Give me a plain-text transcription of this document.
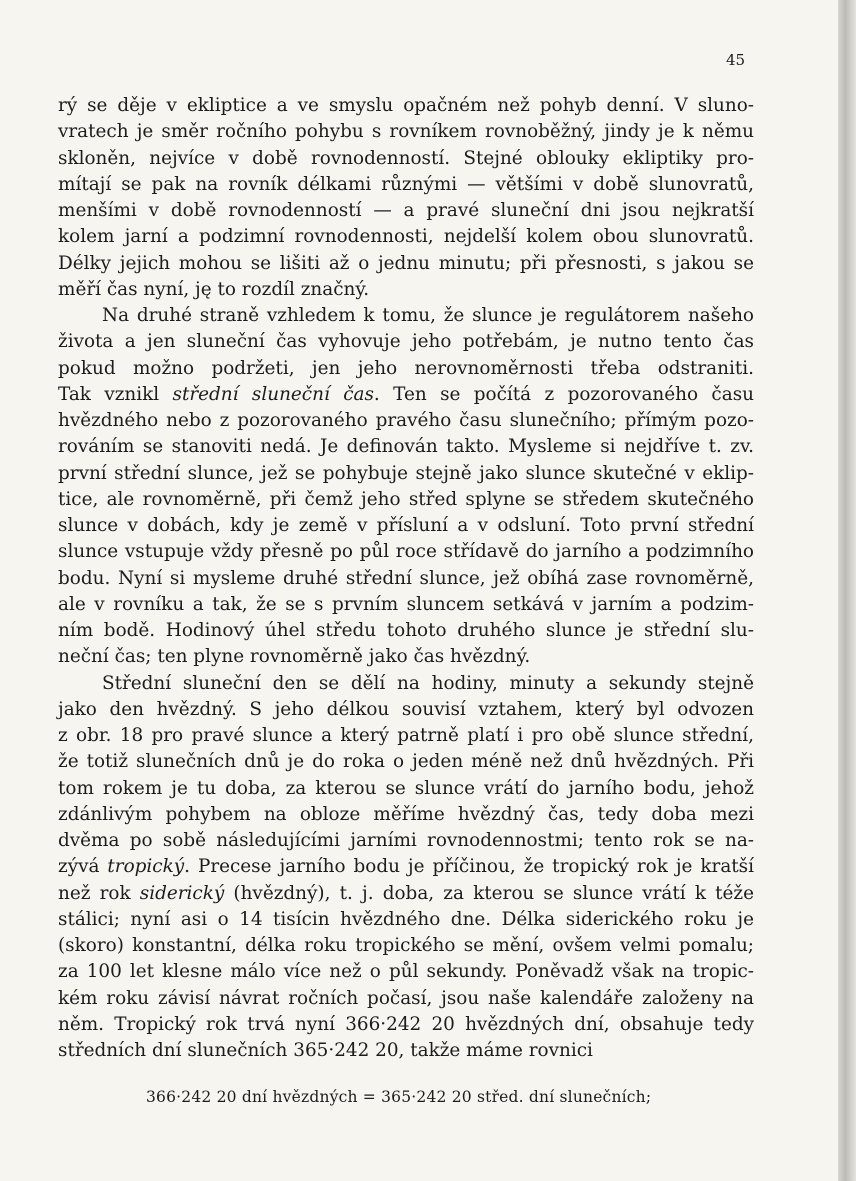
45
rý se děje v ekliptice a ve smyslu opačném než pohyb denní. V sluno-
vratech je směr ročního pohybu s rovníkem rovnoběžný, jindy je k němu
skloněn, nejvíce v době rovnodenností. Stejné oblouky ekliptiky pro-
mítají se pak na rovník délkami různými — většími v době slunovratů,
menšími v době rovnodenností — a pravé sluneční dni jsou nejkratší
kolem jarní a podzimní rovnodennosti, nejdelší kolem obou slunovratů.
Délky jejich mohou se lišiti až o jednu minutu; při přesnosti, s jakou se
měří čas nyní, ję to rozdíl značný.
Na druhé straně vzhledem k tomu, že slunce je regulátorem našeho
života a jen sluneční čas vyhovuje jeho potřebám, je nutno tento čas
pokud možno podržeti, jen jeho nerovnoměrnosti třeba odstraniti.
Tak vznikl střední sluneční čas. Ten se počítá z pozorovaného času
hvězdného nebo z pozorovaného pravého času slunečního; přímým pozo-
rováním se stanoviti nedá. Je definován takto. Mysleme si nejdříve t. zv.
první střední slunce, jež se pohybuje stejně jako slunce skutečné v eklip-
tice, ale rovnoměrně, při čemž jeho střed splyne se středem skutečného
slunce v dobách, kdy je země v přísluní a v odsluní. Toto první střední
slunce vstupuje vždy přesně po půl roce střídavě do jarního a podzimního
bodu. Nyní si mysleme druhé střední slunce, jež obíhá zase rovnoměrně,
ale v rovníku a tak, že se s prvním sluncem setkává v jarním a podzim-
ním bodě. Hodinový úhel středu tohoto druhého slunce je střední slu-
neční čas; ten plyne rovnoměrně jako čas hvězdný.
Střední sluneční den se dělí na hodiny, minuty a sekundy stejně
jako den hvězdný. S jeho délkou souvisí vztahem, který byl odvozen
z obr. 18 pro pravé slunce a který patrně platí i pro obě slunce střední,
že totiž slunečních dnů je do roka o jeden méně než dnů hvězdných. Při
tom rokem je tu doba, za kterou se slunce vrátí do jarního bodu, jehož
zdánlivým pohybem na obloze měříme hvězdný čas, tedy doba mezi
dvěma po sobě následujícími jarními rovnodennostmi; tento rok se na-
zývá tropický. Precese jarního bodu je příčinou, že tropický rok je kratší
než rok siderický (hvězdný), t. j. doba, za kterou se slunce vrátí k téže
stálici; nyní asi o 14 tisícin hvězdného dne. Délka siderického roku je
(skoro) konstantní, délka roku tropického se mění, ovšem velmi pomalu;
za 100 let klesne málo více než o půl sekundy. Poněvadž však na tropic-
kém roku závisí návrat ročních počasí, jsou naše kalendáře založeny na
něm. Tropický rok trvá nyní 366·242 20 hvězdných dní, obsahuje tedy
středních dní slunečních 365·242 20, takže máme rovnici
366·242 20 dní hvězdných = 365·242 20 střed. dní slunečních;
